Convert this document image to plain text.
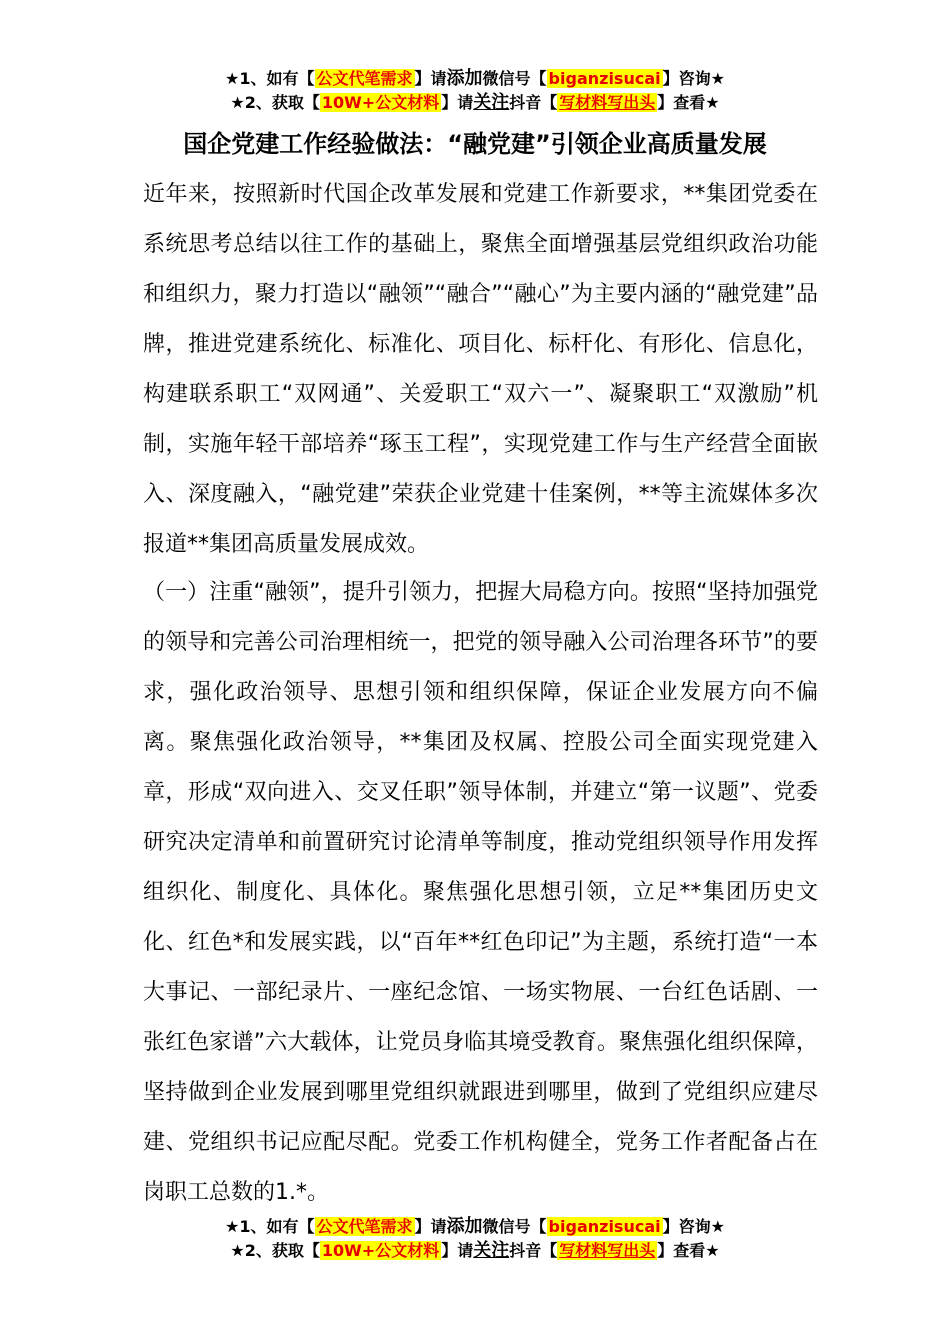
★1、如有【 公文代笔需求 】请添加微信号【 biganzisucai 】咨询★
★2、获取【 10W+公文材料 】请关注抖音【 写材料写出头 】查看★
国企党建工作经验做法：“融党建”引领企业高质量发展

近年来，按照新时代国企改革发展和党建工作新要求，**集团党委在系统思考总结以往工作的基础上，聚焦全面增强基层党组织政治功能和组织力，聚力打造以“融领”“融合”“融心”为主要内涵的“融党建”品牌，推进党建系统化、标准化、项目化、标杆化、有形化、信息化，构建联系职工“双网通”、关爱职工“双六一”、凝聚职工“双激励”机制，实施年轻干部培养“琢玉工程”，实现党建工作与生产经营全面嵌入、深度融入，“融党建”荣获企业党建十佳案例，**等主流媒体多次报道**集团高质量发展成效。

（一）注重“融领”，提升引领力，把握大局稳方向。按照“坚持加强党的领导和完善公司治理相统一，把党的领导融入公司治理各环节”的要求，强化政治领导、思想引领和组织保障，保证企业发展方向不偏离。聚焦强化政治领导，**集团及权属、控股公司全面实现党建入章，形成“双向进入、交叉任职”领导体制，并建立“第一议题”、党委研究决定清单和前置研究讨论清单等制度，推动党组织领导作用发挥组织化、制度化、具体化。聚焦强化思想引领，立足**集团历史文化、红色*和发展实践，以“百年**红色印记”为主题，系统打造“一本大事记、一部纪录片、一座纪念馆、一场实物展、一台红色话剧、一张红色家谱”六大载体，让党员身临其境受教育。聚焦强化组织保障，坚持做到企业发展到哪里党组织就跟进到哪里，做到了党组织应建尽建、党组织书记应配尽配。党委工作机构健全，党务工作者配备占在岗职工总数的1.*。

★1、如有【 公文代笔需求 】请添加微信号【 biganzisucai 】咨询★
★2、获取【 10W+公文材料 】请关注抖音【 写材料写出头 】查看★
